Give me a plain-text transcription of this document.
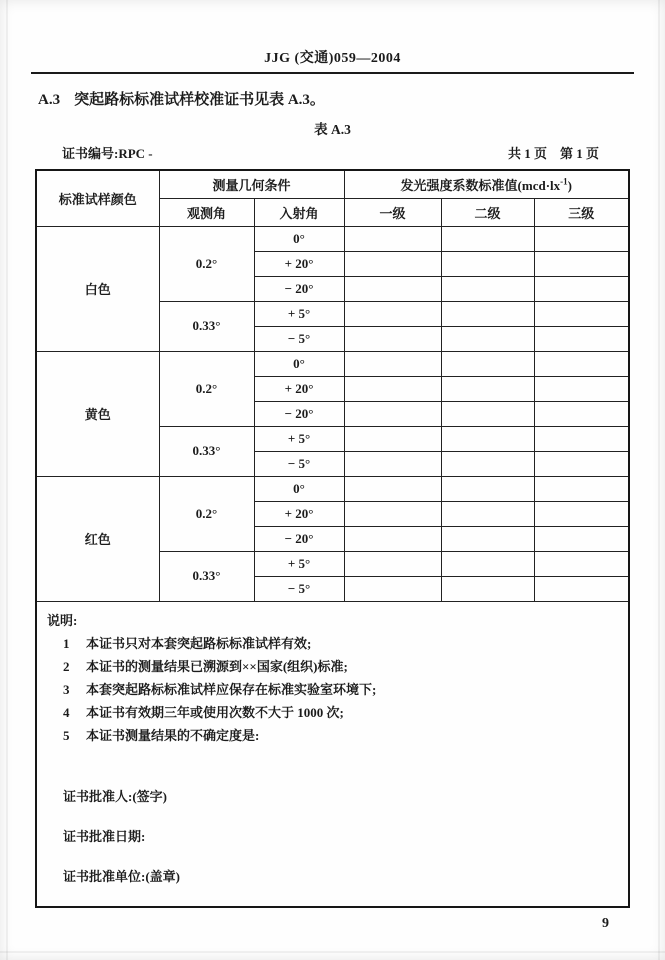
JJG (交通)059—2004
A.3 突起路标标准试样校准证书见表 A.3。
表 A.3
证书编号:RPC -	共 1 页　第 1 页
标准试样颜色	测量几何条件		发光强度系数标准值$(mcd\cdot lx^{-1})$		
	观测角	入射角	一级	二级	三级
白色	0.2°	0°			
		+ 20°			
		− 20°			
	0.33°	+ 5°			
		− 5°			
黄色	0.2°	0°			
		+ 20°			
		− 20°			
	0.33°	+ 5°			
		− 5°			
红色	0.2°	0°			
		+ 20°			
		− 20°			
	0.33°	+ 5°			
		− 5°			

说明:
1	本证书只对本套突起路标标准试样有效;
2	本证书的测量结果已溯源到××国家(组织)标准;
3	本套突起路标标准试样应保存在标准实验室环境下;
4	本证书有效期三年或使用次数不大于 1000 次;
5	本证书测量结果的不确定度是:
证书批准人:(签字)
证书批准日期:
证书批准单位:(盖章)
9
